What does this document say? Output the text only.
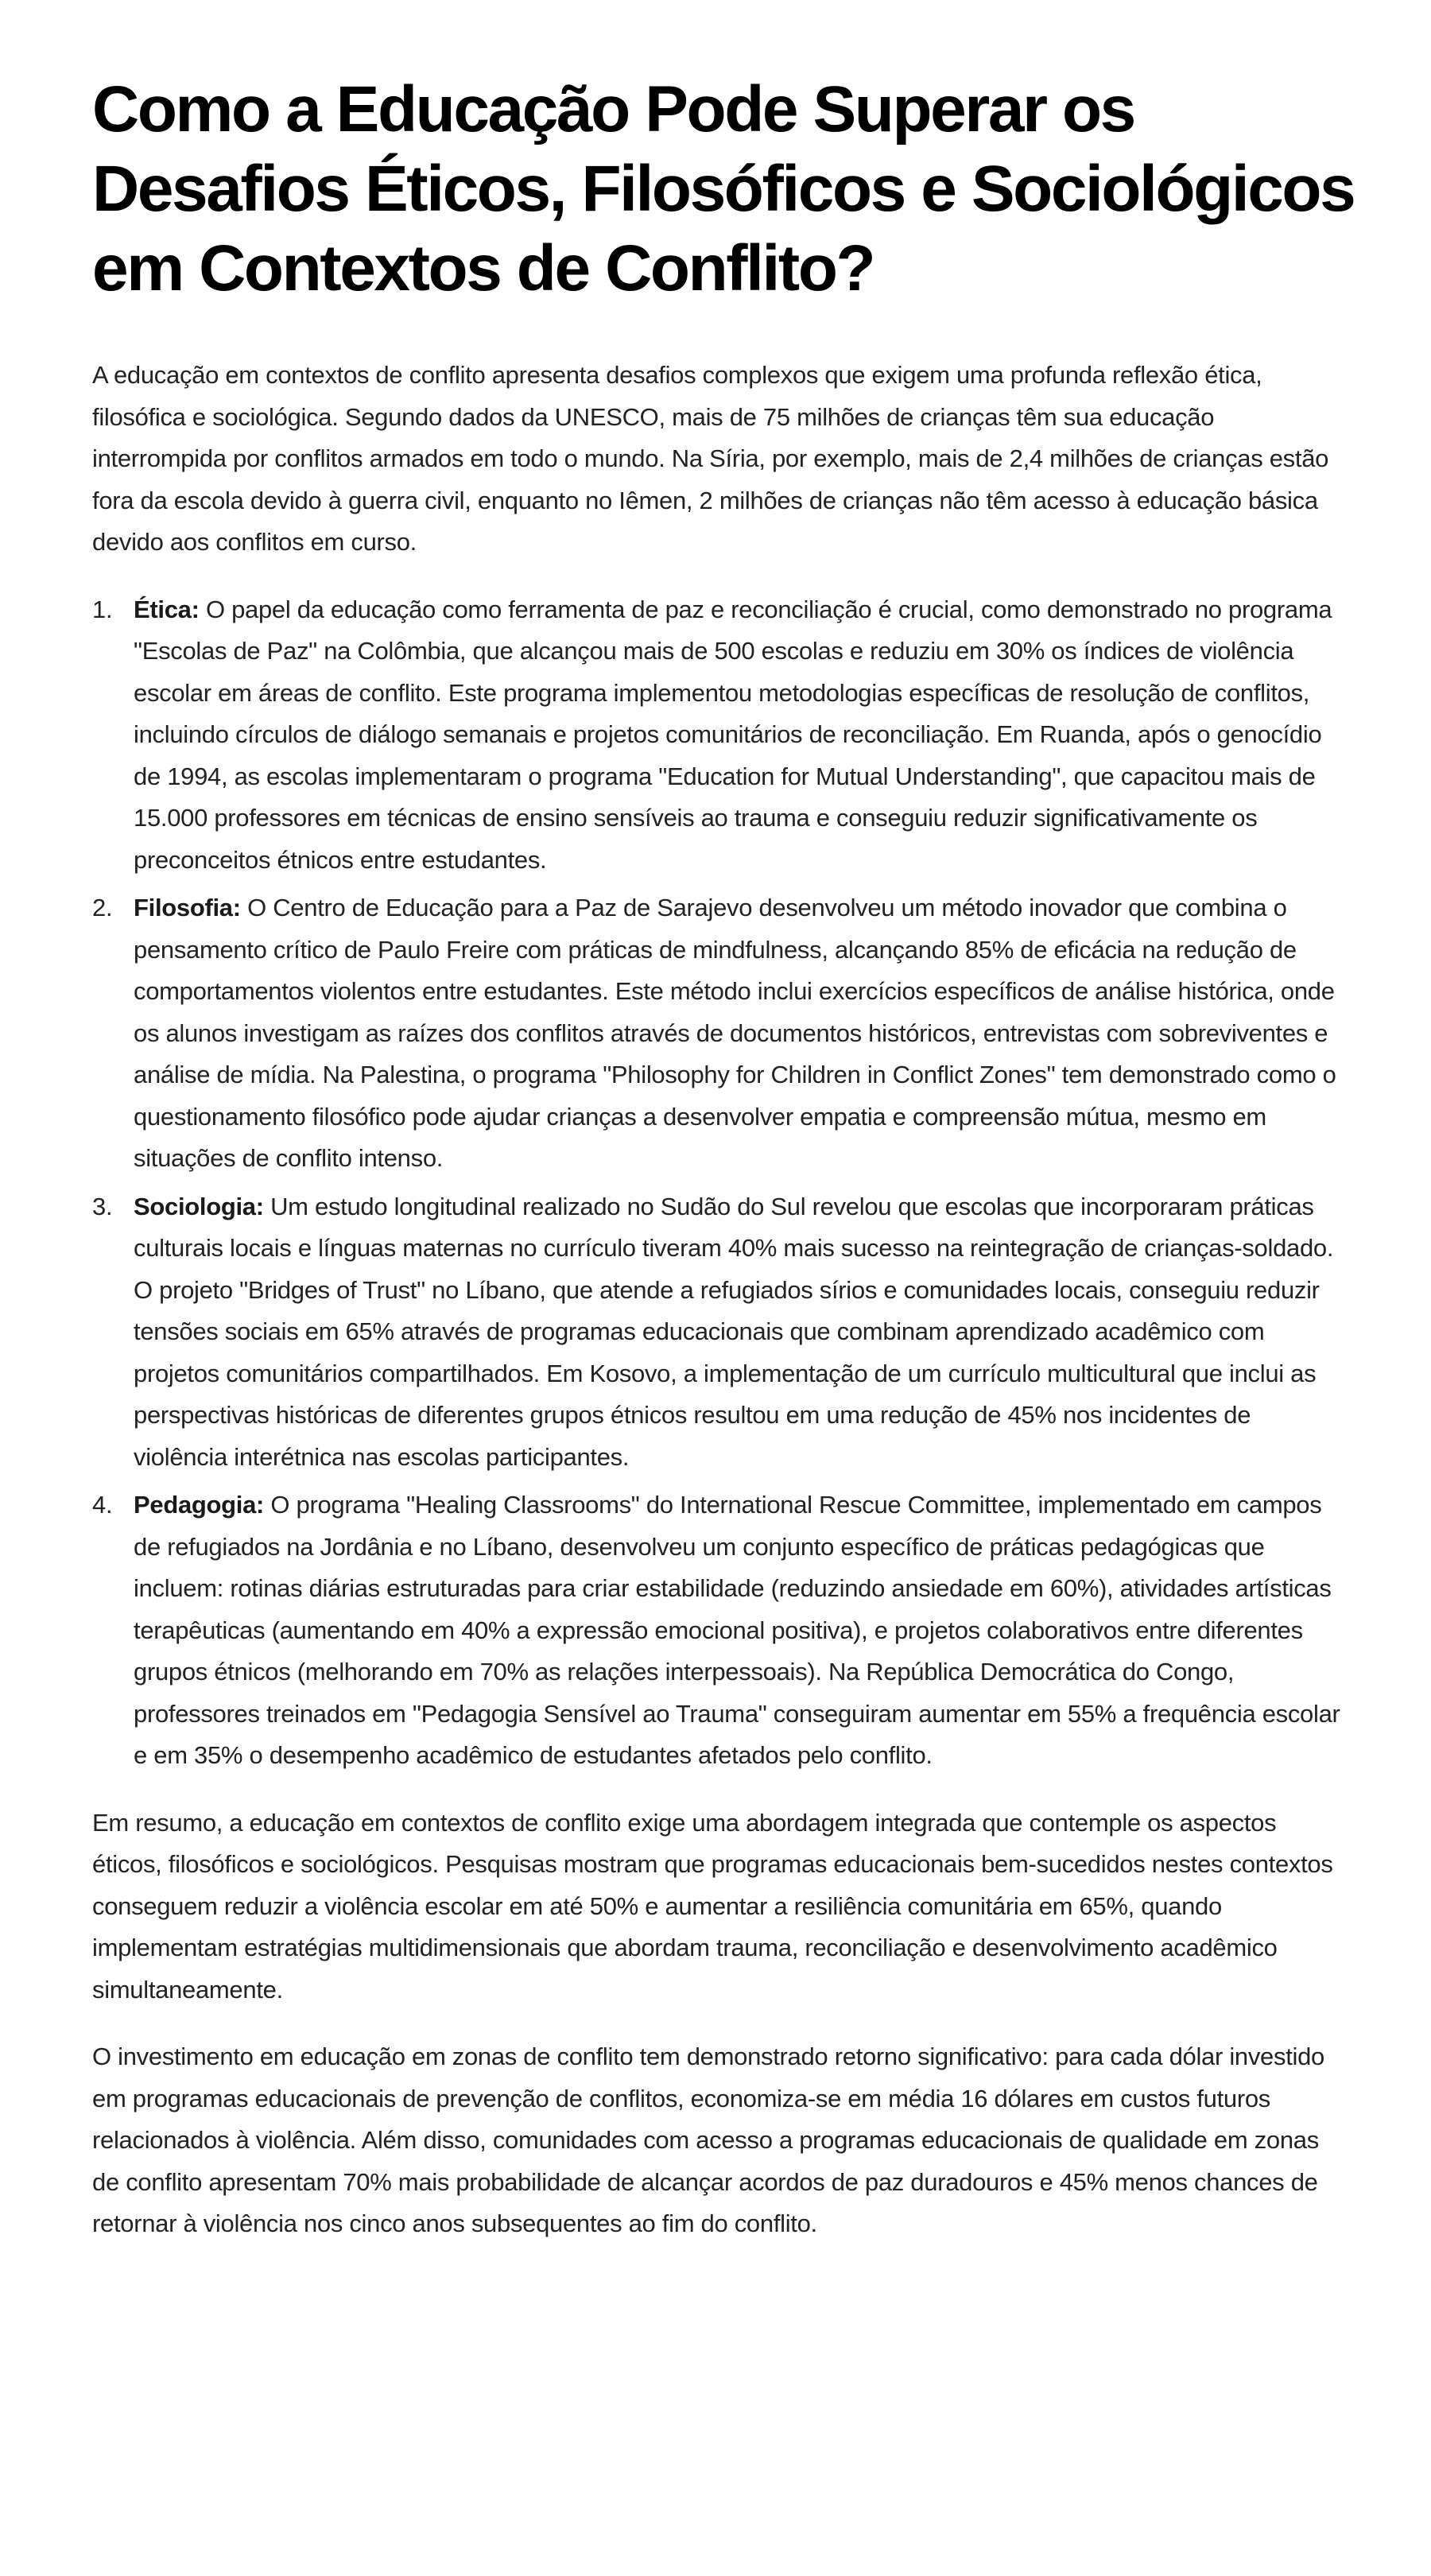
Como a Educação Pode Superar os Desafios Éticos, Filosóficos e Sociológicos em Contextos de Conflito?

A educação em contextos de conflito apresenta desafios complexos que exigem uma profunda reflexão ética, filosófica e sociológica. Segundo dados da UNESCO, mais de 75 milhões de crianças têm sua educação interrompida por conflitos armados em todo o mundo. Na Síria, por exemplo, mais de 2,4 milhões de crianças estão fora da escola devido à guerra civil, enquanto no Iêmen, 2 milhões de crianças não têm acesso à educação básica devido aos conflitos em curso.

1. Ética: O papel da educação como ferramenta de paz e reconciliação é crucial, como demonstrado no programa "Escolas de Paz" na Colômbia, que alcançou mais de 500 escolas e reduziu em 30% os índices de violência escolar em áreas de conflito. Este programa implementou metodologias específicas de resolução de conflitos, incluindo círculos de diálogo semanais e projetos comunitários de reconciliação. Em Ruanda, após o genocídio de 1994, as escolas implementaram o programa "Education for Mutual Understanding", que capacitou mais de 15.000 professores em técnicas de ensino sensíveis ao trauma e conseguiu reduzir significativamente os preconceitos étnicos entre estudantes.
2. Filosofia: O Centro de Educação para a Paz de Sarajevo desenvolveu um método inovador que combina o pensamento crítico de Paulo Freire com práticas de mindfulness, alcançando 85% de eficácia na redução de comportamentos violentos entre estudantes. Este método inclui exercícios específicos de análise histórica, onde os alunos investigam as raízes dos conflitos através de documentos históricos, entrevistas com sobreviventes e análise de mídia. Na Palestina, o programa "Philosophy for Children in Conflict Zones" tem demonstrado como o questionamento filosófico pode ajudar crianças a desenvolver empatia e compreensão mútua, mesmo em situações de conflito intenso.
3. Sociologia: Um estudo longitudinal realizado no Sudão do Sul revelou que escolas que incorporaram práticas culturais locais e línguas maternas no currículo tiveram 40% mais sucesso na reintegração de crianças-soldado. O projeto "Bridges of Trust" no Líbano, que atende a refugiados sírios e comunidades locais, conseguiu reduzir tensões sociais em 65% através de programas educacionais que combinam aprendizado acadêmico com projetos comunitários compartilhados. Em Kosovo, a implementação de um currículo multicultural que inclui as perspectivas históricas de diferentes grupos étnicos resultou em uma redução de 45% nos incidentes de violência interétnica nas escolas participantes.
4. Pedagogia: O programa "Healing Classrooms" do International Rescue Committee, implementado em campos de refugiados na Jordânia e no Líbano, desenvolveu um conjunto específico de práticas pedagógicas que incluem: rotinas diárias estruturadas para criar estabilidade (reduzindo ansiedade em 60%), atividades artísticas terapêuticas (aumentando em 40% a expressão emocional positiva), e projetos colaborativos entre diferentes grupos étnicos (melhorando em 70% as relações interpessoais). Na República Democrática do Congo, professores treinados em "Pedagogia Sensível ao Trauma" conseguiram aumentar em 55% a frequência escolar e em 35% o desempenho acadêmico de estudantes afetados pelo conflito.

Em resumo, a educação em contextos de conflito exige uma abordagem integrada que contemple os aspectos éticos, filosóficos e sociológicos. Pesquisas mostram que programas educacionais bem-sucedidos nestes contextos conseguem reduzir a violência escolar em até 50% e aumentar a resiliência comunitária em 65%, quando implementam estratégias multidimensionais que abordam trauma, reconciliação e desenvolvimento acadêmico simultaneamente.

O investimento em educação em zonas de conflito tem demonstrado retorno significativo: para cada dólar investido em programas educacionais de prevenção de conflitos, economiza-se em média 16 dólares em custos futuros relacionados à violência. Além disso, comunidades com acesso a programas educacionais de qualidade em zonas de conflito apresentam 70% mais probabilidade de alcançar acordos de paz duradouros e 45% menos chances de retornar à violência nos cinco anos subsequentes ao fim do conflito.
